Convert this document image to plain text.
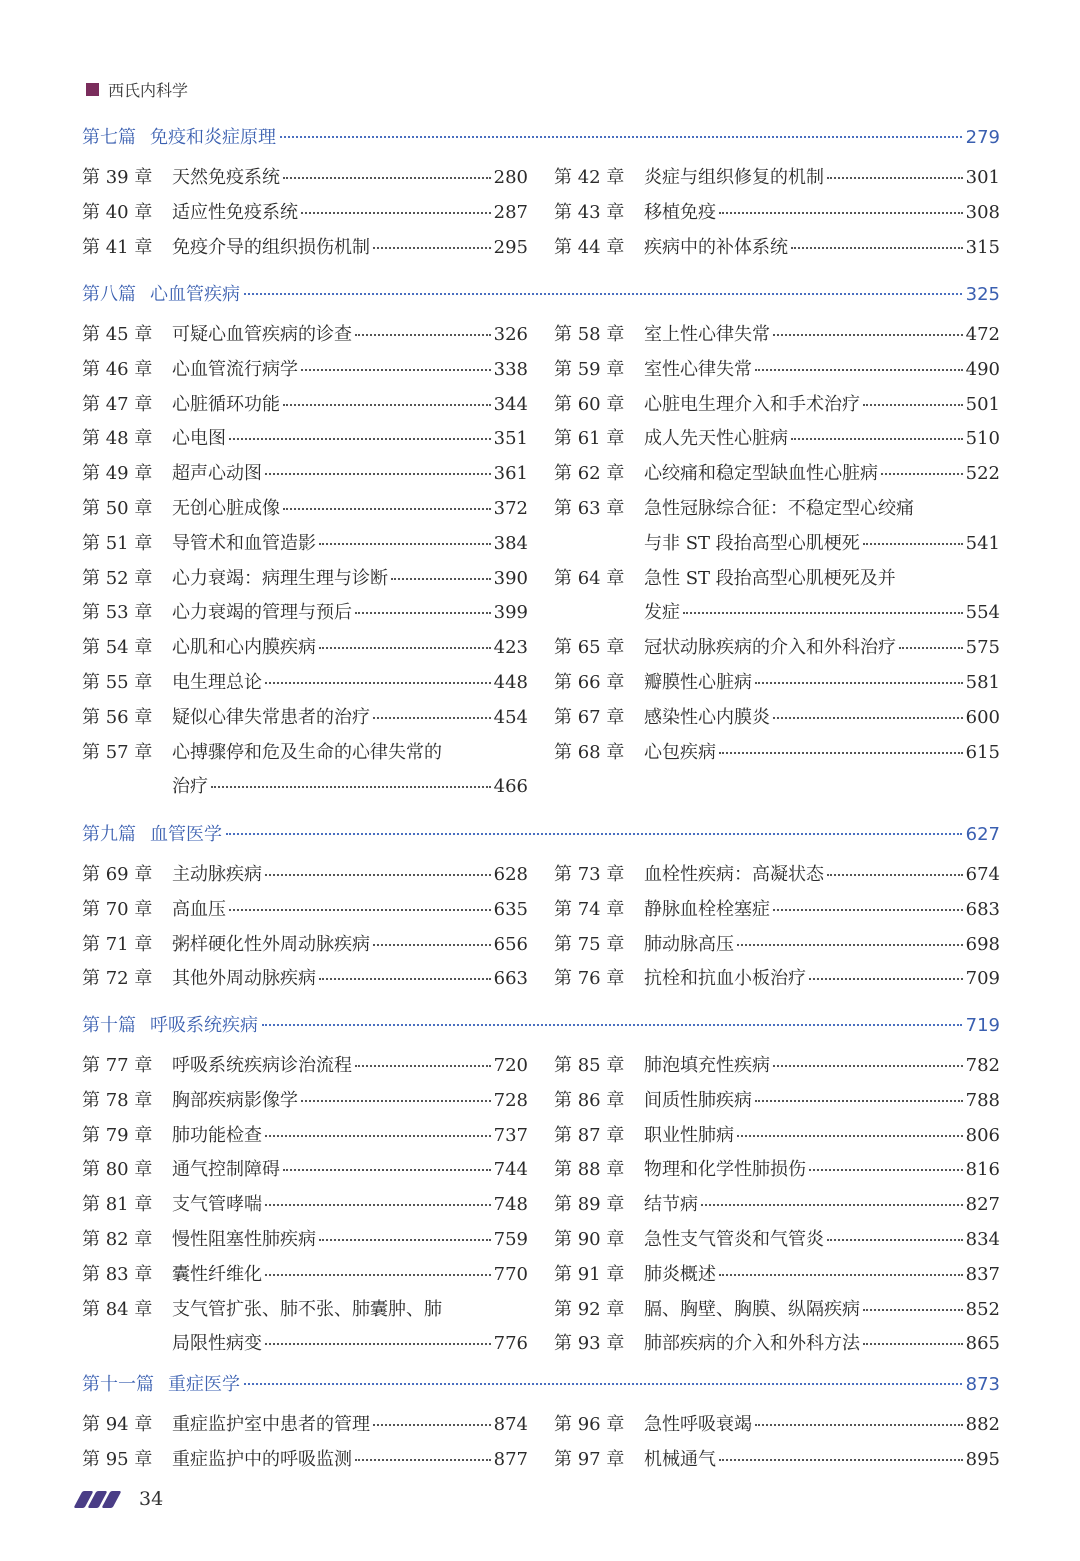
西氏内科学
第七篇 免疫和炎症原理	279
第 39 章	天然免疫系统	280
第 40 章	适应性免疫系统	287
第 41 章	免疫介导的组织损伤机制	295
第 42 章	炎症与组织修复的机制	301
第 43 章	移植免疫	308
第 44 章	疾病中的补体系统	315
第八篇 心血管疾病	325
第 45 章	可疑心血管疾病的诊查	326
第 46 章	心血管流行病学	338
第 47 章	心脏循环功能	344
第 48 章	心电图	351
第 49 章	超声心动图	361
第 50 章	无创心脏成像	372
第 51 章	导管术和血管造影	384
第 52 章	心力衰竭：病理生理与诊断	390
第 53 章	心力衰竭的管理与预后	399
第 54 章	心肌和心内膜疾病	423
第 55 章	电生理总论	448
第 56 章	疑似心律失常患者的治疗	454
第 57 章	心搏骤停和危及生命的心律失常的
治疗	466
第 58 章	室上性心律失常	472
第 59 章	室性心律失常	490
第 60 章	心脏电生理介入和手术治疗	501
第 61 章	成人先天性心脏病	510
第 62 章	心绞痛和稳定型缺血性心脏病	522
第 63 章	急性冠脉综合征：不稳定型心绞痛
与非 ST 段抬高型心肌梗死	541
第 64 章	急性 ST 段抬高型心肌梗死及并
发症	554
第 65 章	冠状动脉疾病的介入和外科治疗	575
第 66 章	瓣膜性心脏病	581
第 67 章	感染性心内膜炎	600
第 68 章	心包疾病	615
第九篇 血管医学	627
第 69 章	主动脉疾病	628
第 70 章	高血压	635
第 71 章	粥样硬化性外周动脉疾病	656
第 72 章	其他外周动脉疾病	663
第 73 章	血栓性疾病：高凝状态	674
第 74 章	静脉血栓栓塞症	683
第 75 章	肺动脉高压	698
第 76 章	抗栓和抗血小板治疗	709
第十篇 呼吸系统疾病	719
第 77 章	呼吸系统疾病诊治流程	720
第 78 章	胸部疾病影像学	728
第 79 章	肺功能检查	737
第 80 章	通气控制障碍	744
第 81 章	支气管哮喘	748
第 82 章	慢性阻塞性肺疾病	759
第 83 章	囊性纤维化	770
第 84 章	支气管扩张、肺不张、肺囊肿、肺
局限性病变	776
第 85 章	肺泡填充性疾病	782
第 86 章	间质性肺疾病	788
第 87 章	职业性肺病	806
第 88 章	物理和化学性肺损伤	816
第 89 章	结节病	827
第 90 章	急性支气管炎和气管炎	834
第 91 章	肺炎概述	837
第 92 章	膈、胸壁、胸膜、纵隔疾病	852
第 93 章	肺部疾病的介入和外科方法	865
第十一篇 重症医学	873
第 94 章	重症监护室中患者的管理	874
第 95 章	重症监护中的呼吸监测	877
第 96 章	急性呼吸衰竭	882
第 97 章	机械通气	895
34
